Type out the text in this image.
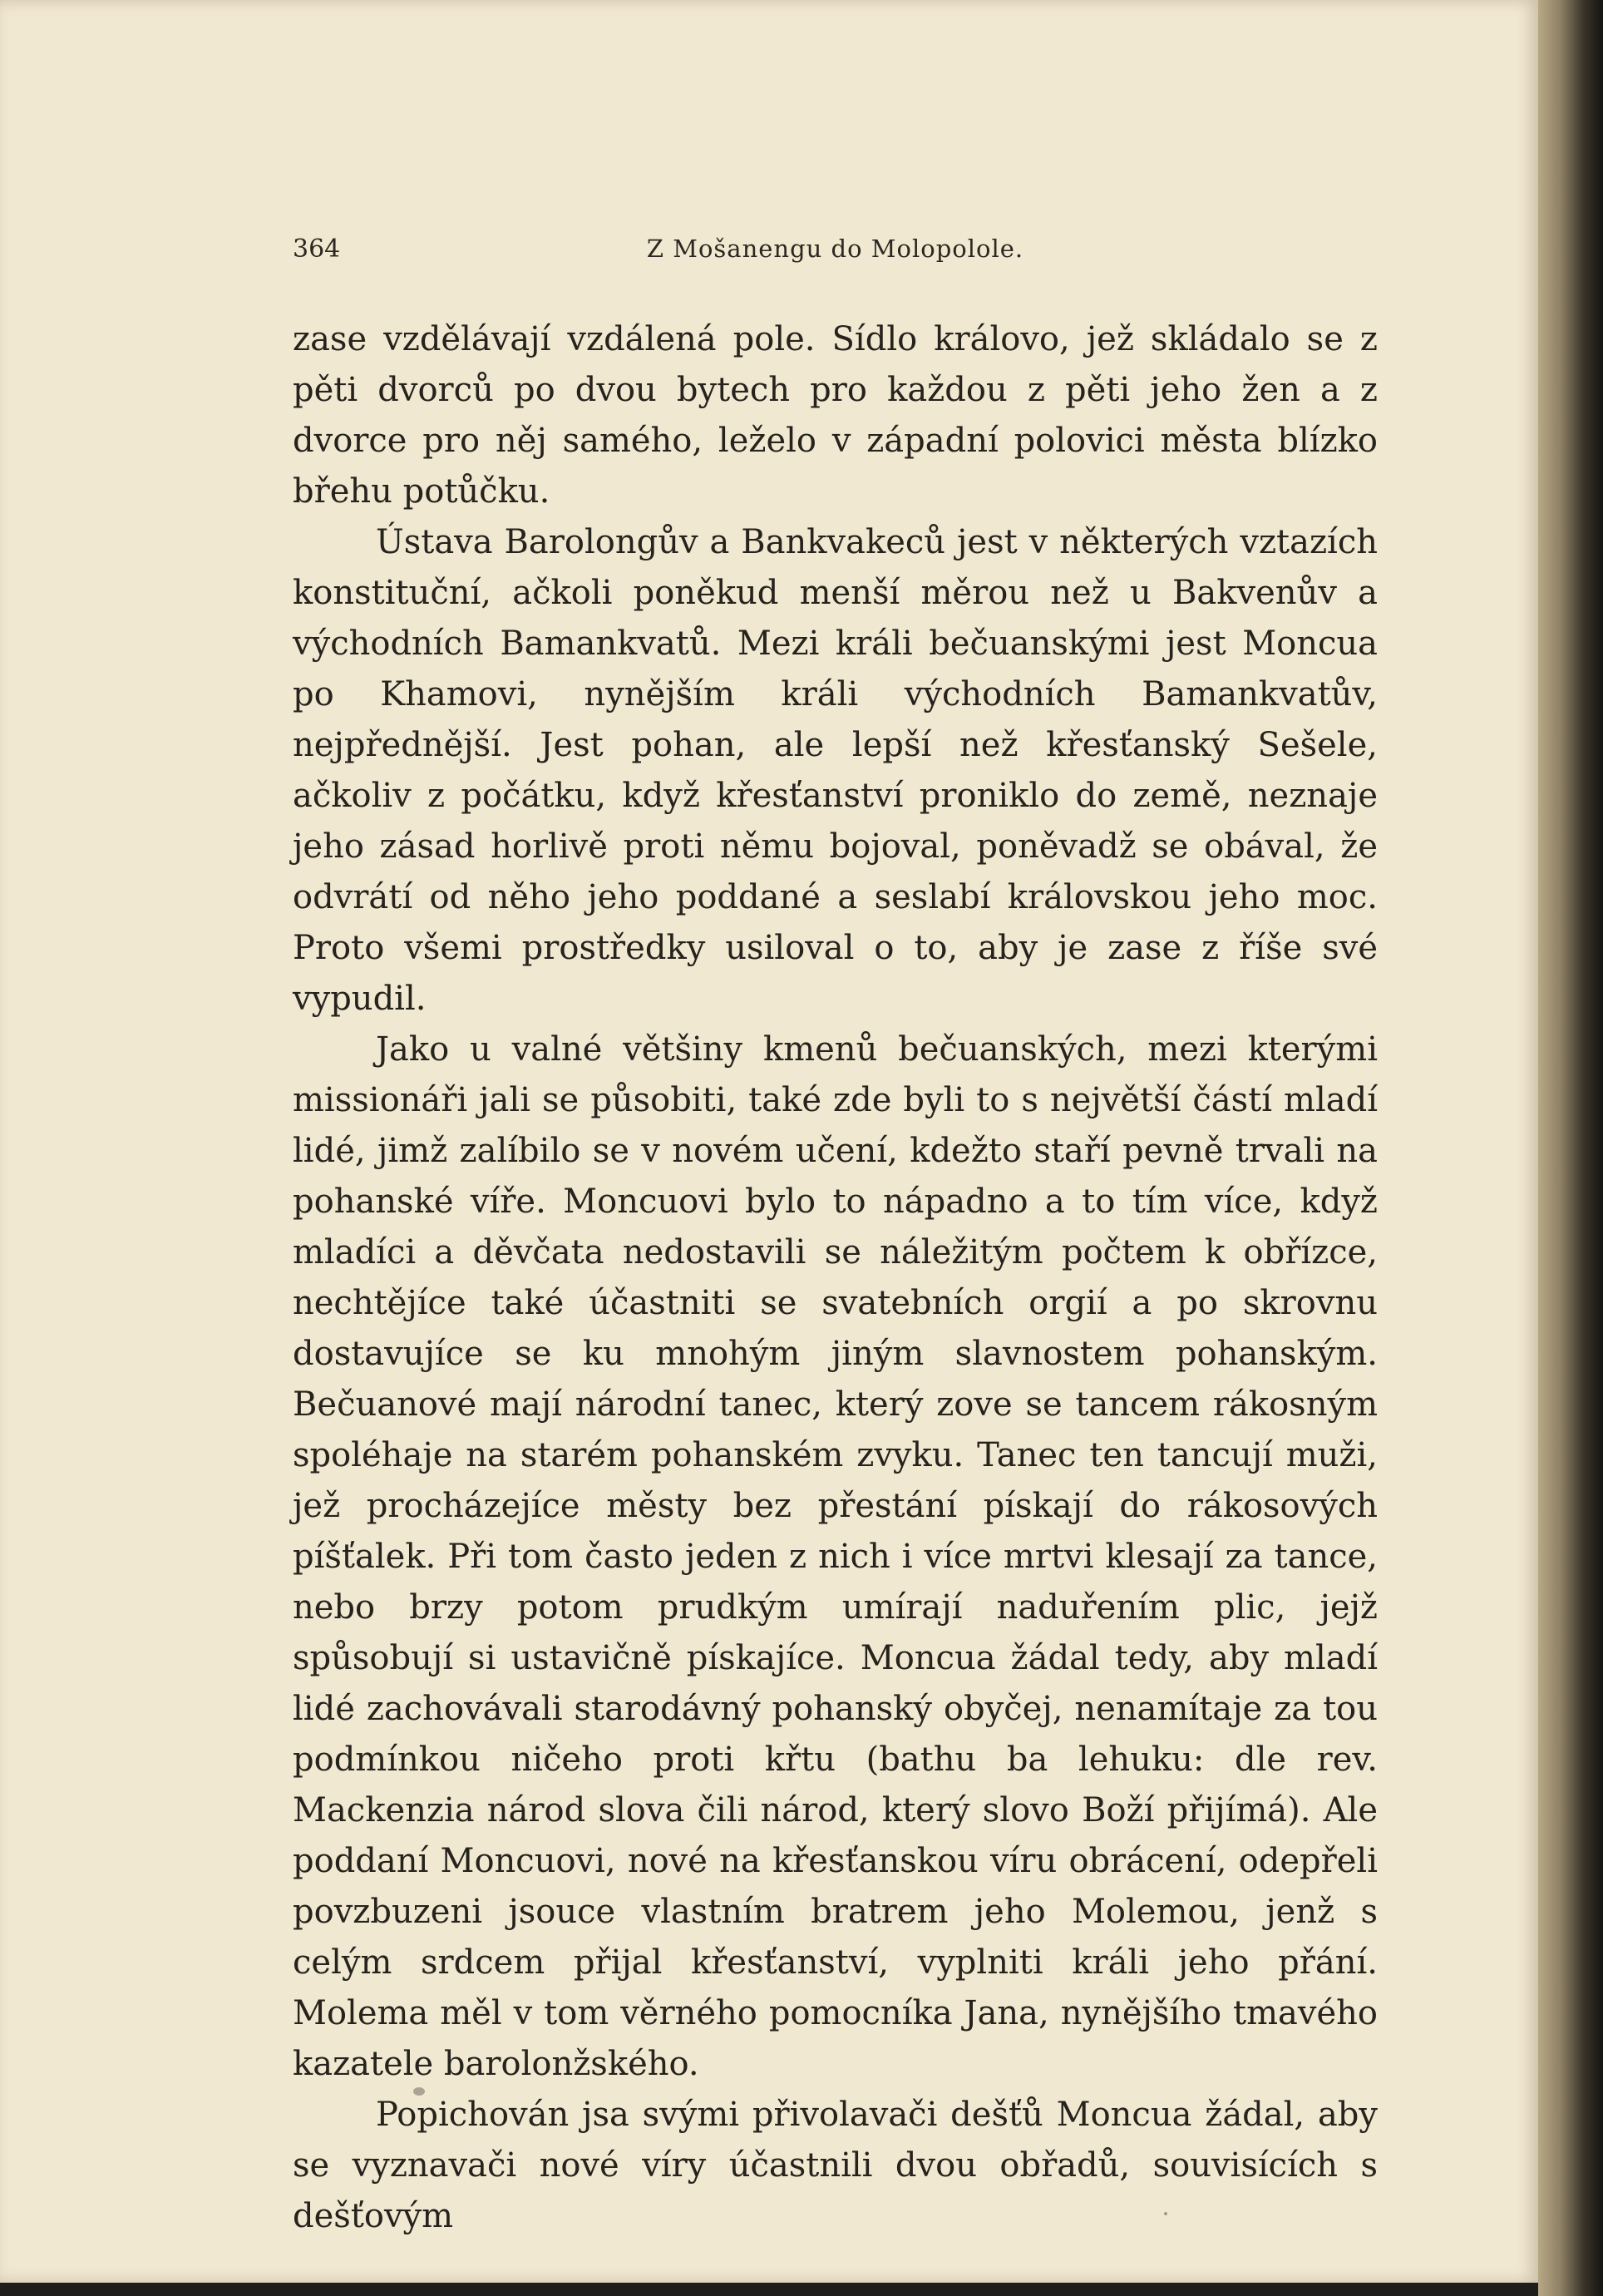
364	Z Mošanengu do Molopolole.

zase vzdělávají vzdálená pole. Sídlo královo, jež skládalo se z pěti dvorců po dvou bytech pro každou z pěti jeho žen a z dvorce pro něj samého, leželo v západní polovici města blízko břehu potůčku.

Ústava Barolongův a Bankvakeců jest v některých vztazích konstituční, ačkoli poněkud menší měrou než u Bakvenův a východních Bamankvatů. Mezi králi bečuanskými jest Moncua po Khamovi, nynějším králi východních Bamankvatův, nejpřednější. Jest pohan, ale lepší než křesťanský Sešele, ačkoliv z počátku, když křesťanství proniklo do země, neznaje jeho zásad horlivě proti němu bojoval, poněvadž se obával, že odvrátí od něho jeho poddané a seslabí královskou jeho moc. Proto všemi prostředky usiloval o to, aby je zase z říše své vypudil.

Jako u valné většiny kmenů bečuanských, mezi kterými missionáři jali se působiti, také zde byli to s největší částí mladí lidé, jimž zalíbilo se v novém učení, kdežto staří pevně trvali na pohanské víře. Moncuovi bylo to nápadno a to tím více, když mladíci a děvčata nedostavili se náležitým počtem k obřízce, nechtějíce také účastniti se svatebních orgií a po skrovnu dostavujíce se ku mnohým jiným slavnostem pohanským. Bečuanové mají národní tanec, který zove se tancem rákosným spoléhaje na starém pohanském zvyku. Tanec ten tancují muži, jež procházejíce městy bez přestání pískají do rákosových píšťalek. Při tom často jeden z nich i více mrtvi klesají za tance, nebo brzy potom prudkým umírají naduřením plic, jejž spůsobují si ustavičně pískajíce. Moncua žádal tedy, aby mladí lidé zachovávali starodávný pohanský obyčej, nenamítaje za tou podmínkou ničeho proti křtu (bathu ba lehuku: dle rev. Mackenzia národ slova čili národ, který slovo Boží přijímá). Ale poddaní Moncuovi, nové na křesťanskou víru obrácení, odepřeli povzbuzeni jsouce vlastním bratrem jeho Molemou, jenž s celým srdcem přijal křesťanství, vyplniti králi jeho přání. Molema měl v tom věrného pomocníka Jana, nynějšího tmavého kazatele barolonžského.

Popichován jsa svými přivolavači dešťů Moncua žádal, aby se vyznavači nové víry účastnili dvou obřadů, souvisících s dešťovým
